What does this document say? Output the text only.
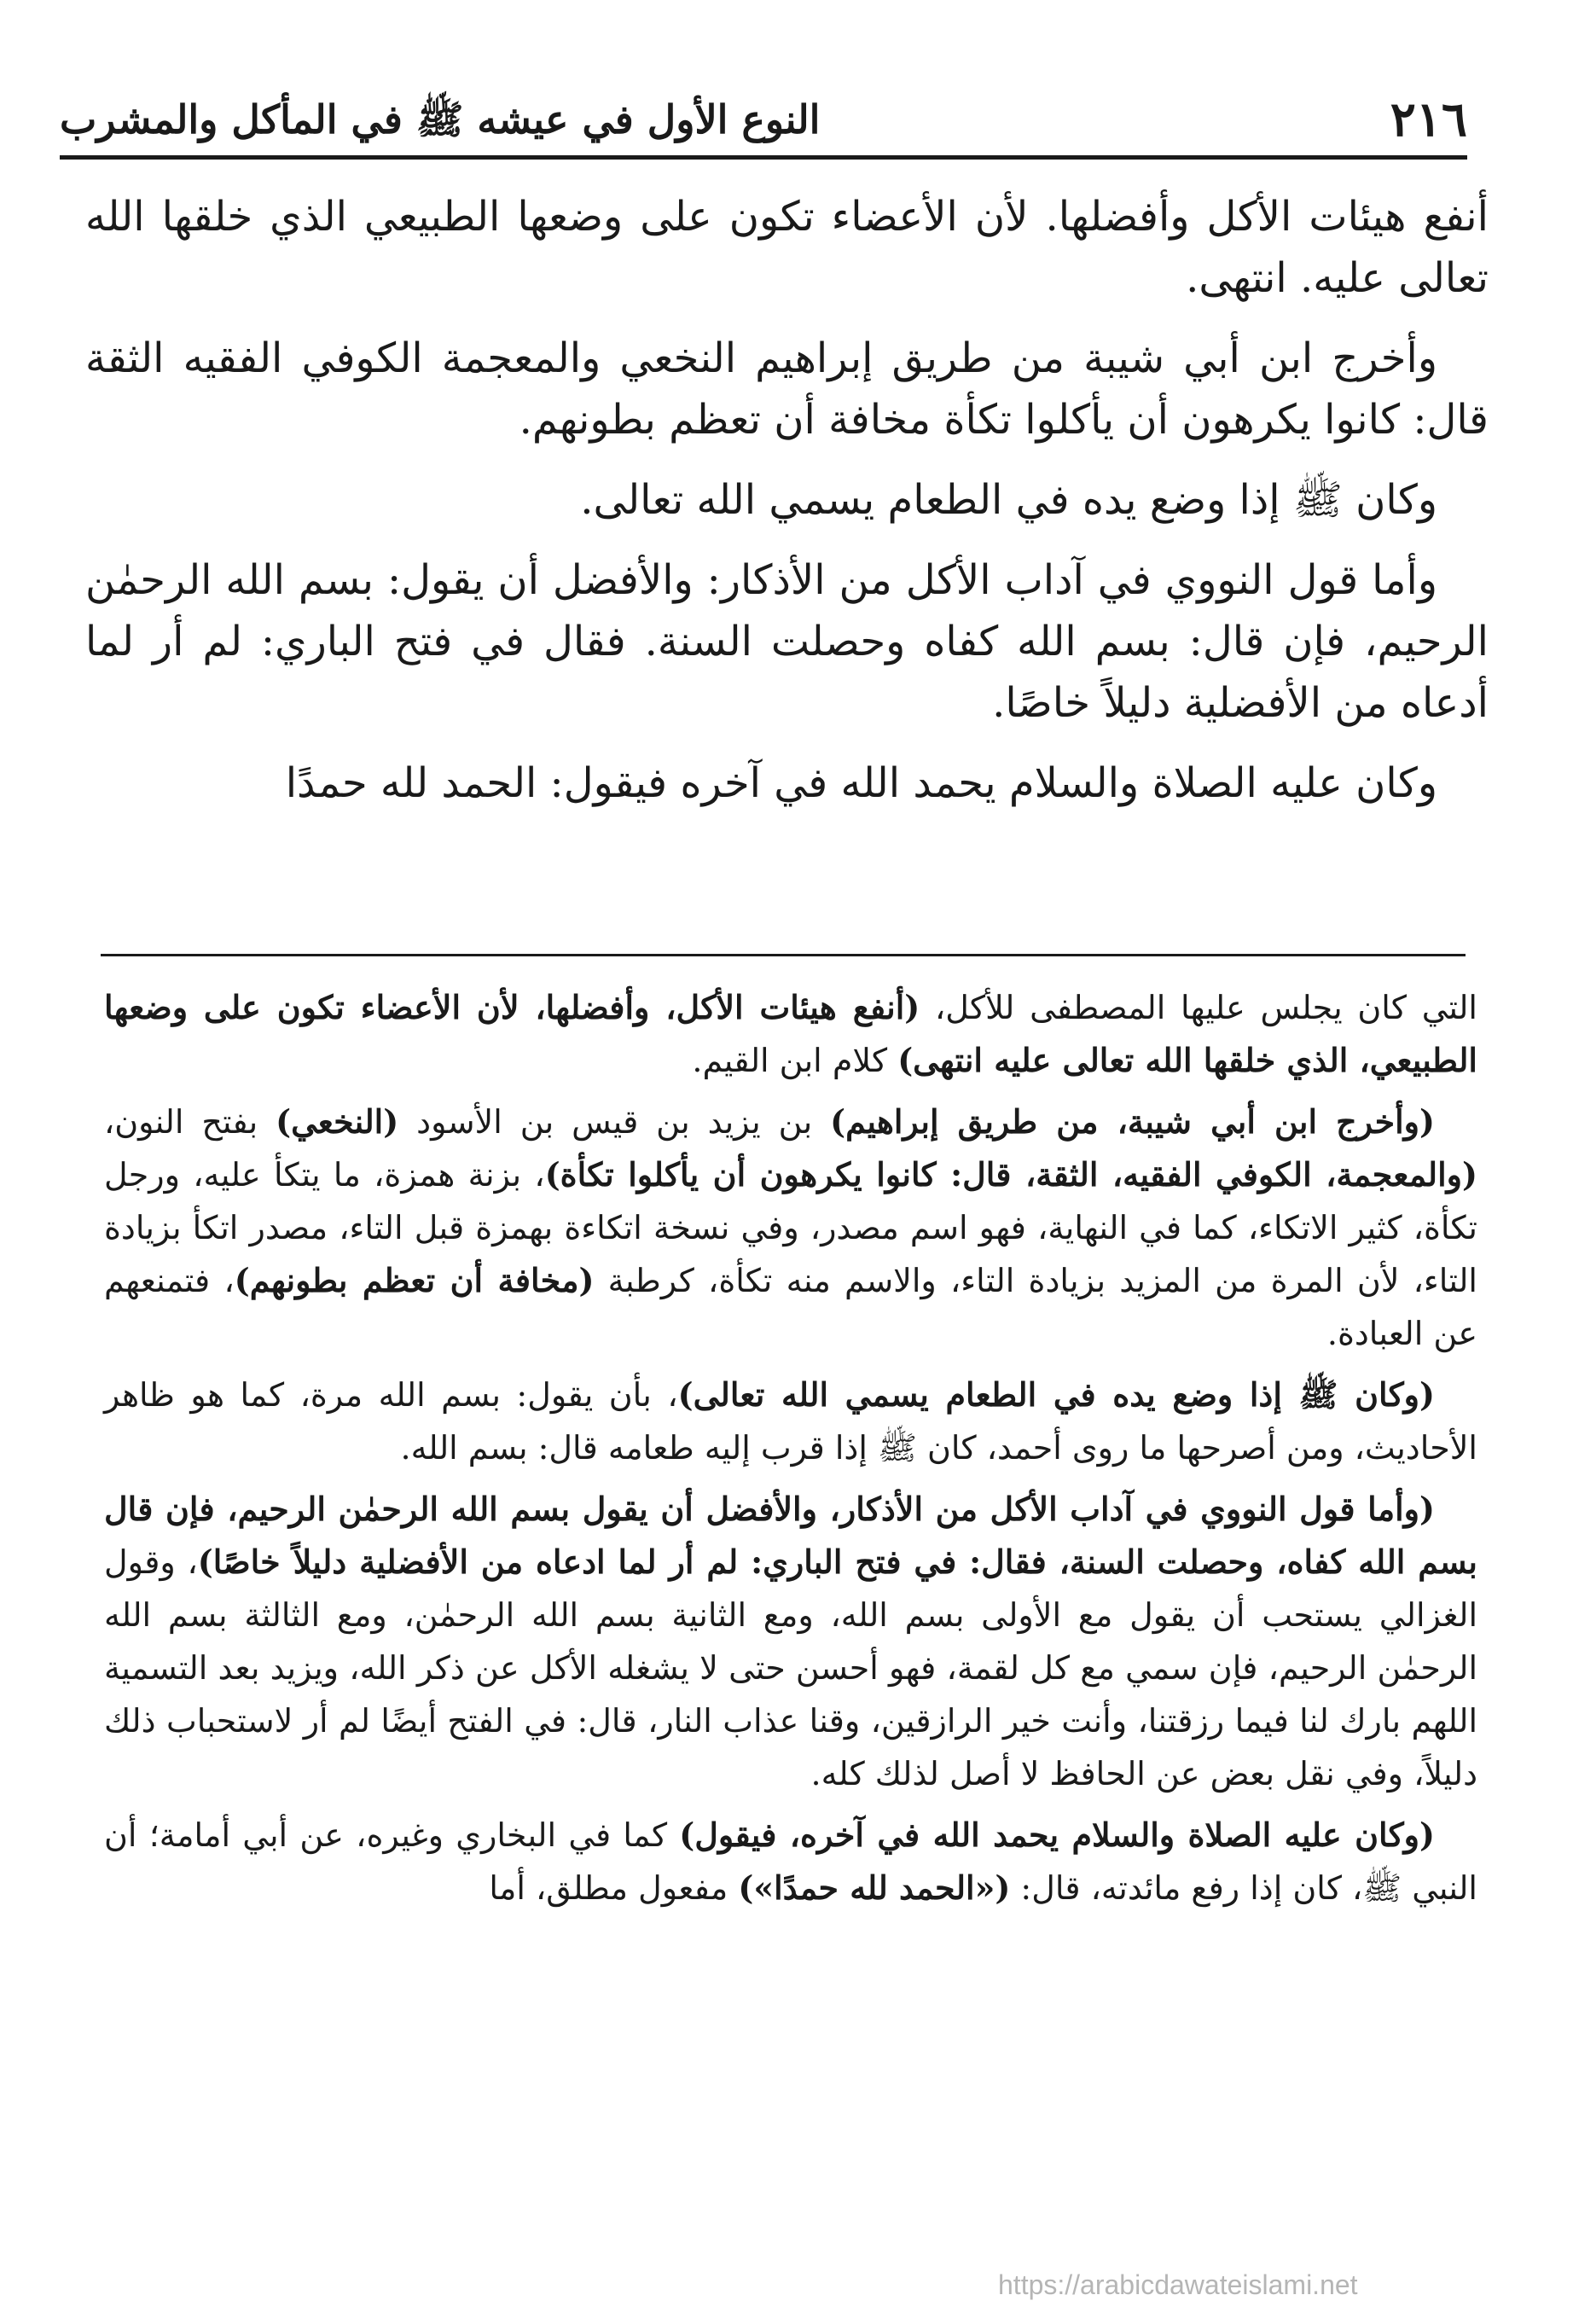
٢١٦
النوع الأول في عيشه ﷺ في المأكل والمشرب

أنفع هيئات الأكل وأفضلها. لأن الأعضاء تكون على وضعها الطبيعي الذي خلقها الله تعالى عليه. انتهى.

وأخرج ابن أبي شيبة من طريق إبراهيم النخعي والمعجمة الكوفي الفقيه الثقة قال: كانوا يكرهون أن يأكلوا تكأة مخافة أن تعظم بطونهم.

وكان ﷺ إذا وضع يده في الطعام يسمي الله تعالى.

وأما قول النووي في آداب الأكل من الأذكار: والأفضل أن يقول: بسم الله الرحمٰن الرحيم، فإن قال: بسم الله كفاه وحصلت السنة. فقال في فتح الباري: لم أر لما أدعاه من الأفضلية دليلاً خاصًا.

وكان عليه الصلاة والسلام يحمد الله في آخره فيقول: الحمد لله حمدًا

التي كان يجلس عليها المصطفى للأكل، (أنفع هيئات الأكل، وأفضلها، لأن الأعضاء تكون على وضعها الطبيعي، الذي خلقها الله تعالى عليه انتهى) كلام ابن القيم.

(وأخرج ابن أبي شيبة، من طريق إبراهيم) بن يزيد بن قيس بن الأسود (النخعي) بفتح النون، (والمعجمة، الكوفي الفقيه، الثقة، قال: كانوا يكرهون أن يأكلوا تكأة)، بزنة همزة، ما يتكأ عليه، ورجل تكأة، كثير الاتكاء، كما في النهاية، فهو اسم مصدر، وفي نسخة اتكاءة بهمزة قبل التاء، مصدر اتكأ بزيادة التاء، لأن المرة من المزيد بزيادة التاء، والاسم منه تكأة، كرطبة (مخافة أن تعظم بطونهم)، فتمنعهم عن العبادة.

(وكان ﷺ إذا وضع يده في الطعام يسمي الله تعالى)، بأن يقول: بسم الله مرة، كما هو ظاهر الأحاديث، ومن أصرحها ما روى أحمد، كان ﷺ إذا قرب إليه طعامه قال: بسم الله.

(وأما قول النووي في آداب الأكل من الأذكار، والأفضل أن يقول بسم الله الرحمٰن الرحيم، فإن قال بسم الله كفاه، وحصلت السنة، فقال: في فتح الباري: لم أر لما ادعاه من الأفضلية دليلاً خاصًا)، وقول الغزالي يستحب أن يقول مع الأولى بسم الله، ومع الثانية بسم الله الرحمٰن، ومع الثالثة بسم الله الرحمٰن الرحيم، فإن سمي مع كل لقمة، فهو أحسن حتى لا يشغله الأكل عن ذكر الله، ويزيد بعد التسمية اللهم بارك لنا فيما رزقتنا، وأنت خير الرازقين، وقنا عذاب النار، قال: في الفتح أيضًا لم أر لاستحباب ذلك دليلاً، وفي نقل بعض عن الحافظ لا أصل لذلك كله.

(وكان عليه الصلاة والسلام يحمد الله في آخره، فيقول) كما في البخاري وغيره، عن أبي أمامة؛ أن النبي ﷺ، كان إذا رفع مائدته، قال: («الحمد لله حمدًا») مفعول مطلق، أما

https://arabicdawateislami.net
